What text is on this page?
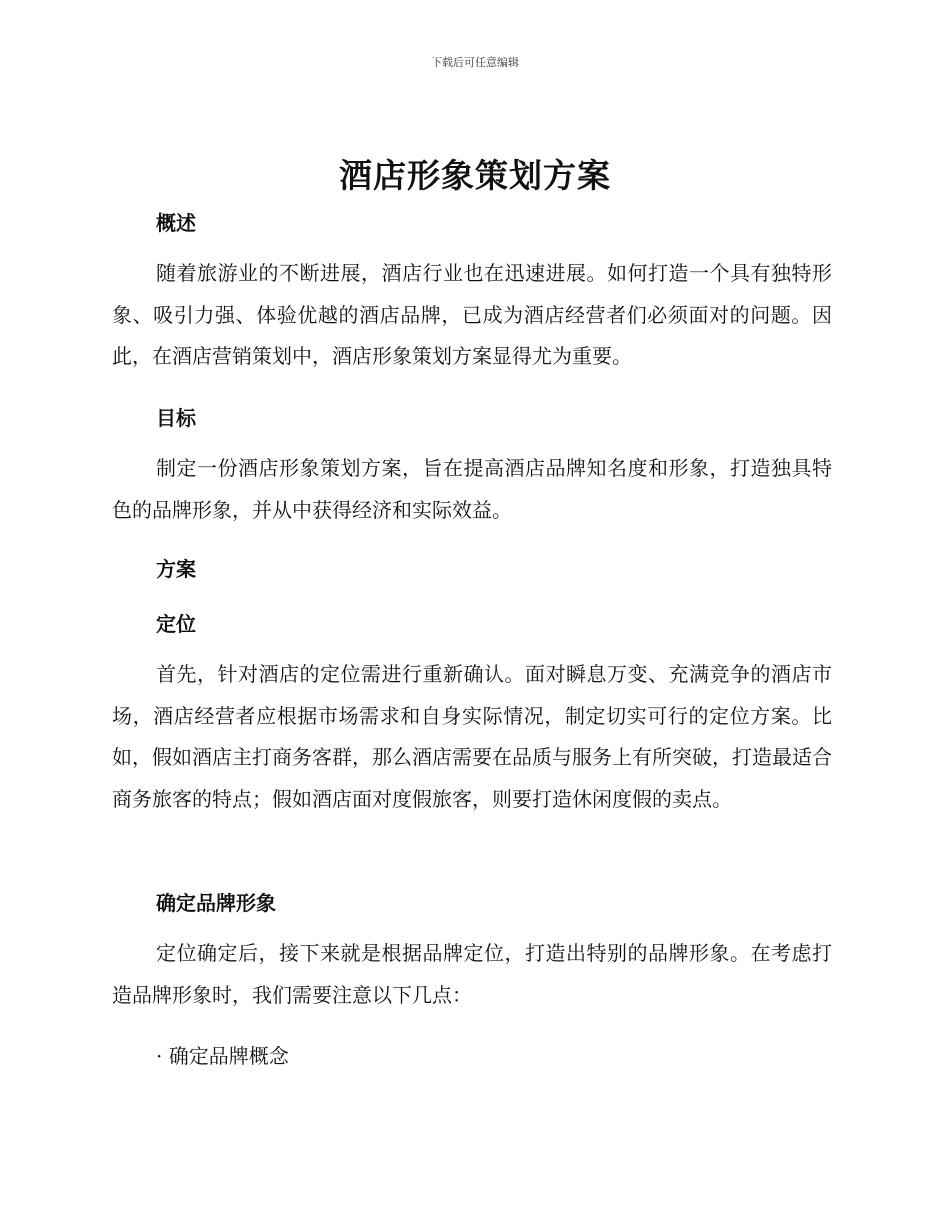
下载后可任意编辑
酒店形象策划方案
概述

随着旅游业的不断进展，酒店行业也在迅速进展。如何打造一个具有独特形象、吸引力强、体验优越的酒店品牌，已成为酒店经营者们必须面对的问题。因此，在酒店营销策划中，酒店形象策划方案显得尤为重要。

目标

制定一份酒店形象策划方案，旨在提高酒店品牌知名度和形象，打造独具特色的品牌形象，并从中获得经济和实际效益。

方案
定位

首先，针对酒店的定位需进行重新确认。面对瞬息万变、充满竞争的酒店市场，酒店经营者应根据市场需求和自身实际情况，制定切实可行的定位方案。比如，假如酒店主打商务客群，那么酒店需要在品质与服务上有所突破，打造最适合商务旅客的特点；假如酒店面对度假旅客，则要打造休闲度假的卖点。

确定品牌形象

定位确定后，接下来就是根据品牌定位，打造出特别的品牌形象。在考虑打造品牌形象时，我们需要注意以下几点：

· 确定品牌概念
